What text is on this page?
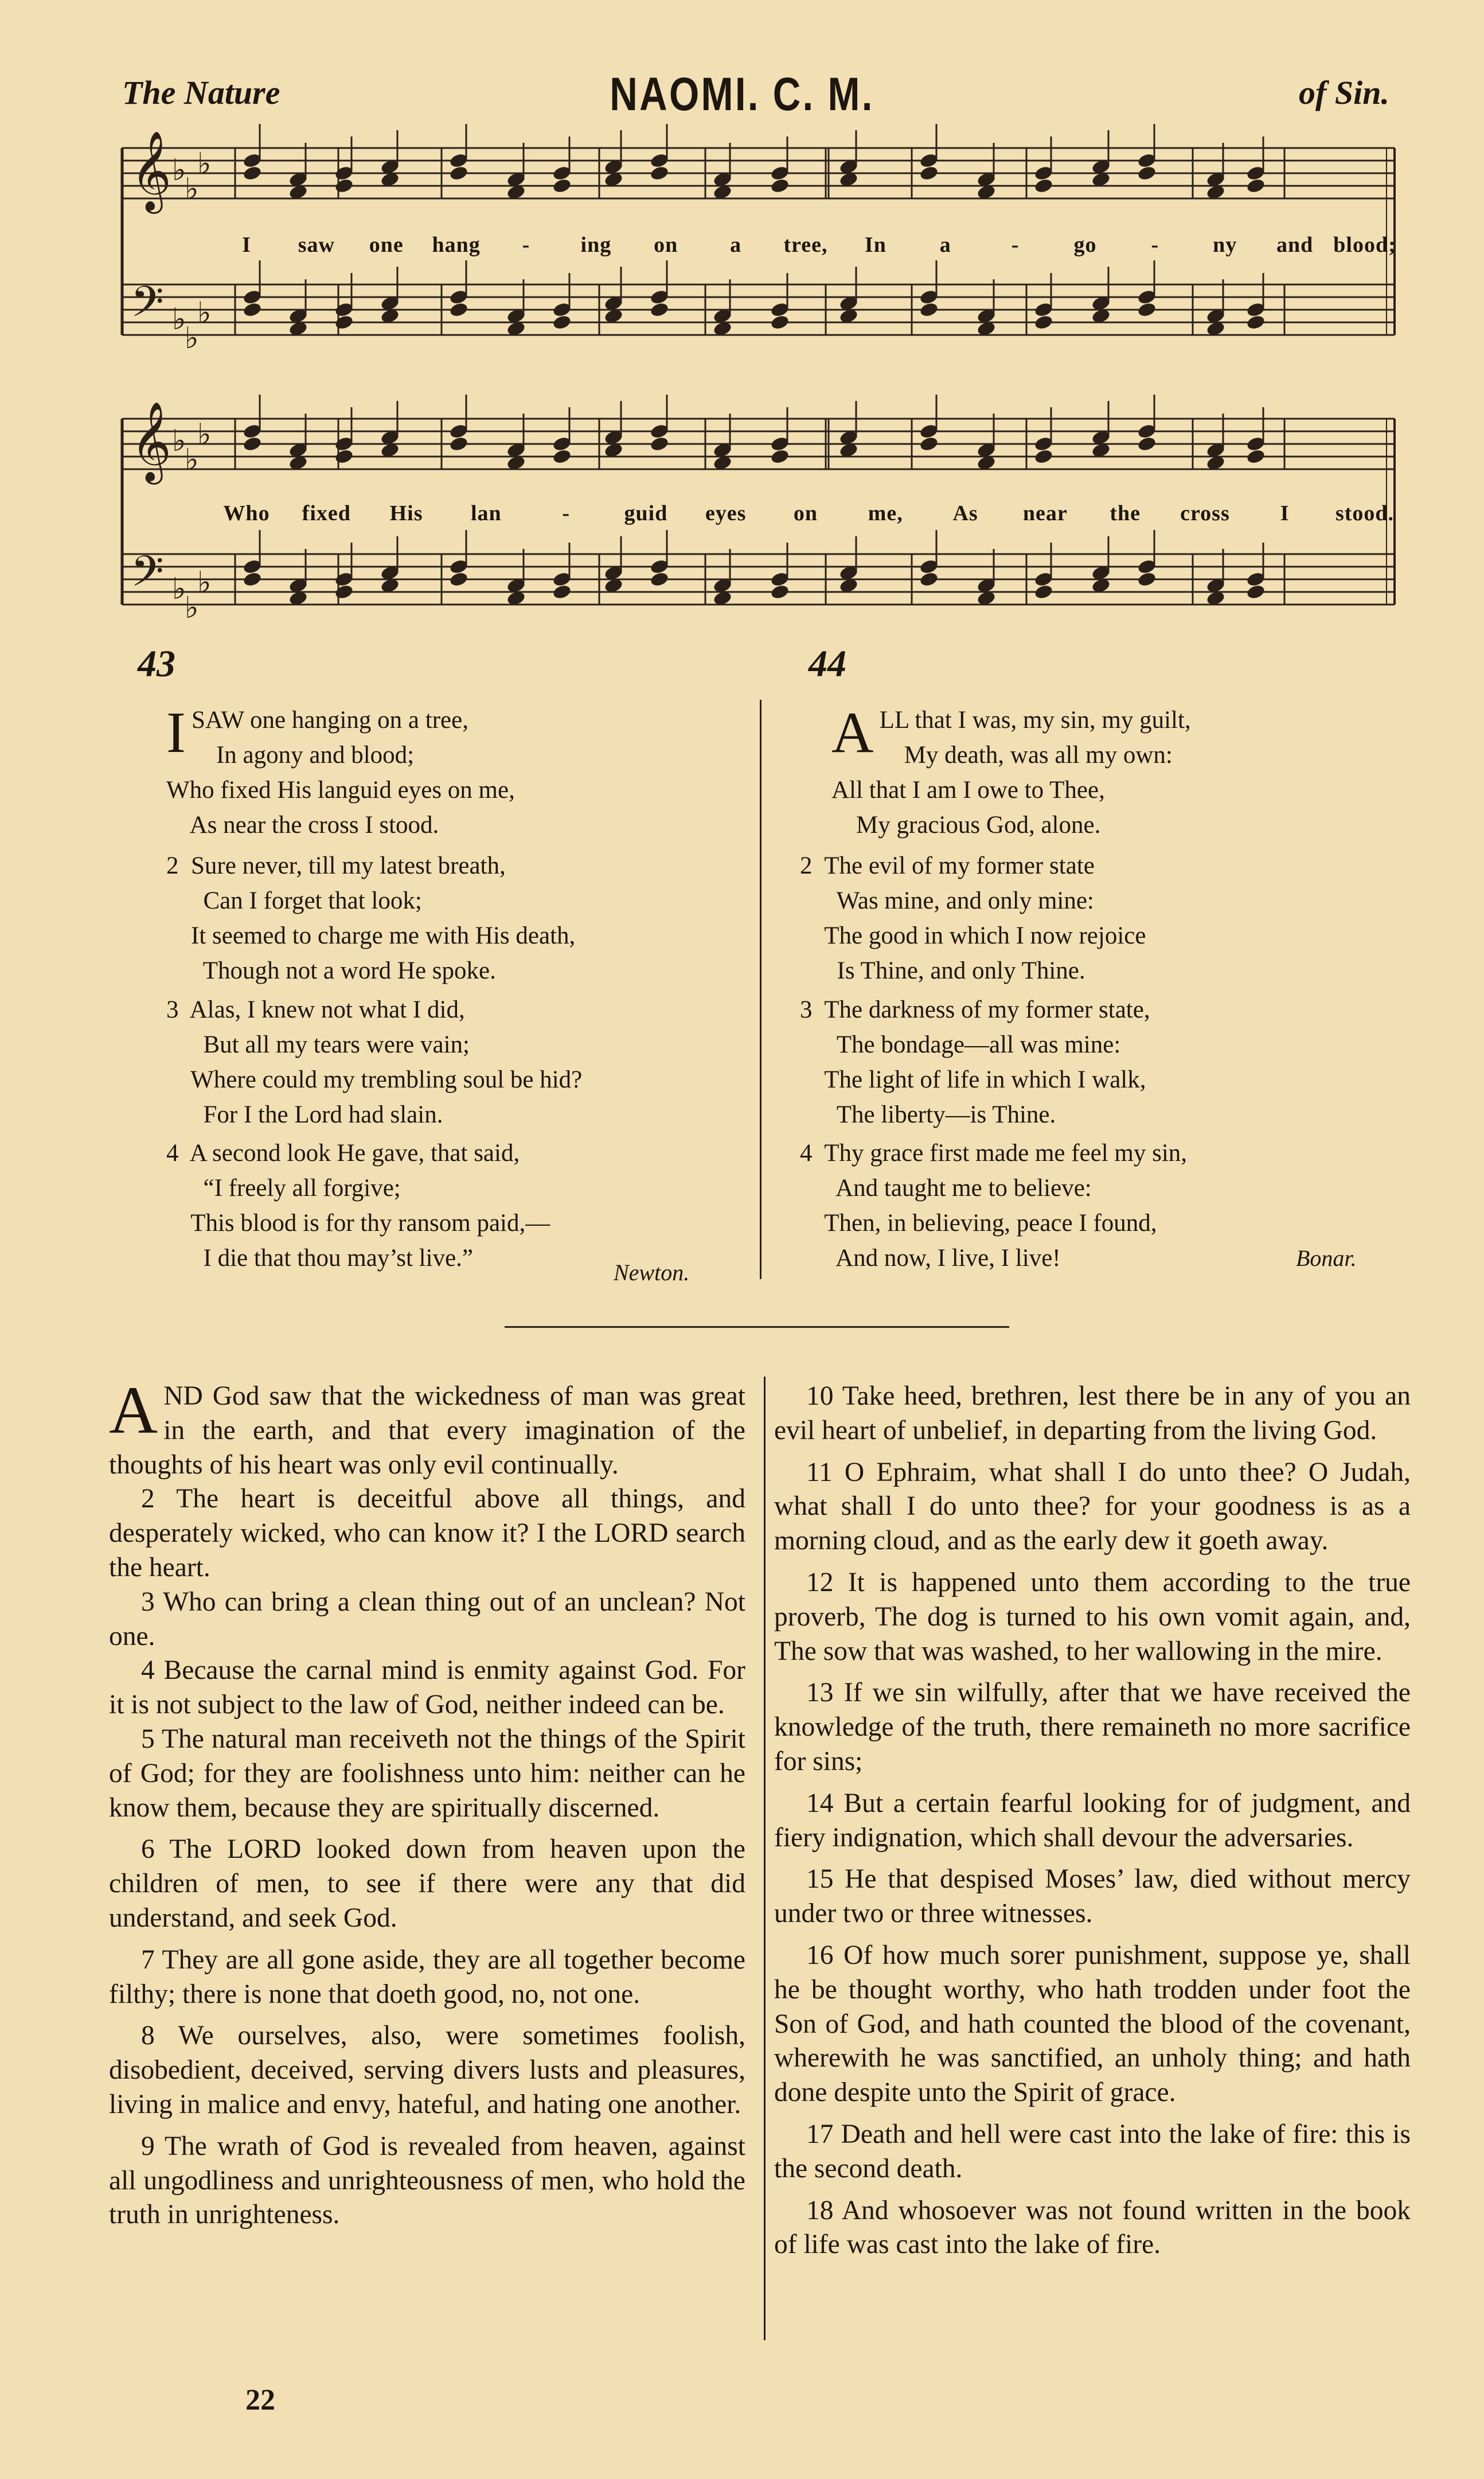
The Nature	NAOMI. C. M.	of Sin.
𝄞 ♭
♭
♭
𝄢 ♭
♭
♭
𝄞 ♭
♭
♭
𝄢 ♭
♭
♭
I saw one hang - ing on a tree, In a	-	go	- ny and blood;
Who fixed His lan	- guid eyes on me, As near the cross I stood.
43
I SAW one hanging on a tree,
In agony and blood;
Who fixed His languid eyes on me,
As near the cross I stood.
2  Sure never, till my latest breath,
Can I forget that look;
It seemed to charge me with His death,
Though not a word He spoke.
3  Alas, I knew not what I did,
But all my tears were vain;
Where could my trembling soul be hid?
For I the Lord had slain.
4  A second look He gave, that said,
“I freely all forgive;
This blood is for thy ransom paid,—
I die that thou may’st live.”
Newton.
44
A LL that I was, my sin, my guilt,
My death, was all my own:
All that I am I owe to Thee,
My gracious God, alone.
2  The evil of my former state
Was mine, and only mine:
The good in which I now rejoice
Is Thine, and only Thine.
3  The darkness of my former state,
The bondage—all was mine:
The light of life in which I walk,
The liberty—is Thine.
4  Thy grace first made me feel my sin,
And taught me to believe:
Then, in believing, peace I found,
And now, I live, I live!	Bonar.

AND God saw that the wickedness of man was great in the earth, and that every imagination of the thoughts of his heart was only evil continually.

2 The heart is deceitful above all things, and desperately wicked, who can know it? I the LORD search the heart.

3 Who can bring a clean thing out of an unclean? Not one.

4 Because the carnal mind is enmity against God. For it is not subject to the law of God, neither indeed can be.

5 The natural man receiveth not the things of the Spirit of God; for they are foolishness unto him: neither can he know them, because they are spiritually discerned.

6 The LORD looked down from heaven upon the children of men, to see if there were any that did understand, and seek God.

7 They are all gone aside, they are all together become filthy; there is none that doeth good, no, not one.

8 We ourselves, also, were sometimes foolish, disobedient, deceived, serving divers lusts and pleasures, living in malice and envy, hateful, and hating one another.

9 The wrath of God is revealed from heaven, against all ungodliness and unrighteousness of men, who hold the truth in unrighteness.

10 Take heed, brethren, lest there be in any of you an evil heart of unbelief, in departing from the living God.

11 O Ephraim, what shall I do unto thee? O Judah, what shall I do unto thee? for your goodness is as a morning cloud, and as the early dew it goeth away.

12 It is happened unto them according to the true proverb, The dog is turned to his own vomit again, and, The sow that was washed, to her wallowing in the mire.

13 If we sin wilfully, after that we have received the knowledge of the truth, there remaineth no more sacrifice for sins;

14 But a certain fearful looking for of judgment, and fiery indignation, which shall devour the adversaries.

15 He that despised Moses’ law, died without mercy under two or three witnesses.

16 Of how much sorer punishment, suppose ye, shall he be thought worthy, who hath trodden under foot the Son of God, and hath counted the blood of the covenant, wherewith he was sanctified, an unholy thing; and hath done despite unto the Spirit of grace.

17 Death and hell were cast into the lake of fire: this is the second death.

18 And whosoever was not found written in the book of life was cast into the lake of fire.

22
